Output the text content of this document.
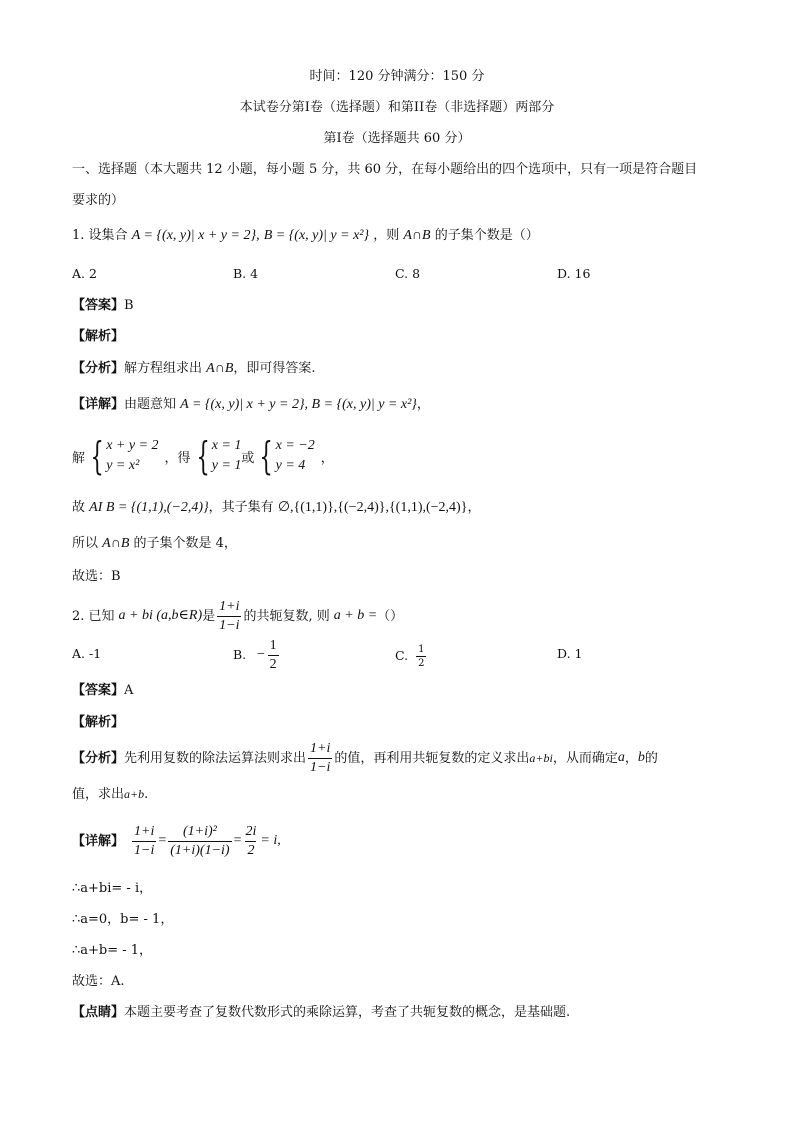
时间：120 分钟满分：150 分
本试卷分第Ⅰ卷（选择题）和第ⅠⅠ卷（非选择题）两部分
第Ⅰ卷（选择题共 60 分）
一、选择题（本大题共 12 小题，每小题 5 分，共 60 分，在每小题给出的四个选项中，只有一项是符合题目
要求的）
1. 设集合 A = {(x, y)| x + y = 2}, B = {(x, y)| y = x²} ，则 A∩B 的子集个数是（）
A. 2	B. 4	C. 8	D. 16
【答案】B
【解析】
【分析】解方程组求出 A∩B，即可得答案.
【详解】由题意知 A = {(x, y)| x + y = 2}, B = {(x, y)| y = x²}，
解 { x + y = 2
y = x²	，得 { x = 1
y = 1 或 { x = −2
y = 4	，
故 AI B = {(1,1),(−2,4)}，其子集有 ∅,{(1,1)},{(−2,4)},{(1,1),(−2,4)}，
所以 A∩B 的子集个数是 4，
故选：B
2. 已知 a + bi (a,b∈R) 是 $\frac{1+i}{1-i}$ 的共轭复数, 则 a + b = （）
A. -1	B. − $\frac{1}{2}$	C. $\frac{1}{2}$	D. 1
【答案】A
【解析】
【分析】 先利用复数的除法运算法则求出 $\frac{1+i}{1-i}$ 的值，再利用共轭复数的定义求出 a+bi ，从而确定 a ， b 的
值，求出a+b.
【详解】 $\frac{1+i}{1-i} = \frac{\text{(1+i)²}}{(1+i)(1-i)} = \frac{2i}{2} = i$,
∴a+bi= - i，
∴a=0，b= - 1，
∴a+b= - 1，
故选：A.
【点睛】本题主要考查了复数代数形式的乘除运算，考查了共轭复数的概念，是基础题.
